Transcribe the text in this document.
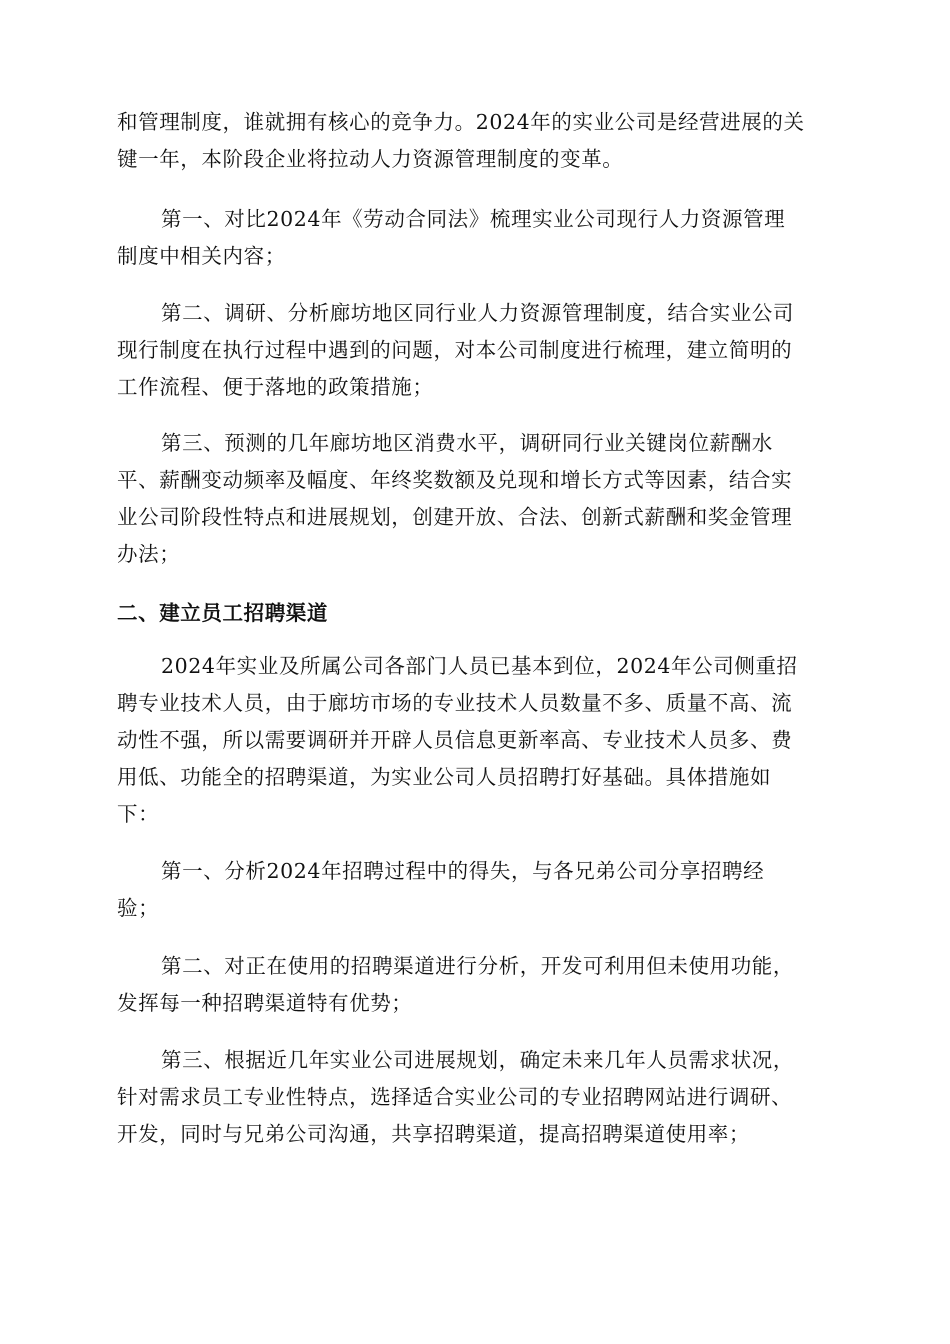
和管理制度，谁就拥有核心的竞争力。2024年的实业公司是经营进展的关
键一年，本阶段企业将拉动人力资源管理制度的变革。
第一、对比2024年《劳动合同法》梳理实业公司现行人力资源管理
制度中相关内容；
第二、调研、分析廊坊地区同行业人力资源管理制度，结合实业公司
现行制度在执行过程中遇到的问题，对本公司制度进行梳理，建立简明的
工作流程、便于落地的政策措施；
第三、预测的几年廊坊地区消费水平，调研同行业关键岗位薪酬水
平、薪酬变动频率及幅度、年终奖数额及兑现和增长方式等因素，结合实
业公司阶段性特点和进展规划，创建开放、合法、创新式薪酬和奖金管理
办法；
二、建立员工招聘渠道
2024年实业及所属公司各部门人员已基本到位，2024年公司侧重招
聘专业技术人员，由于廊坊市场的专业技术人员数量不多、质量不高、流
动性不强，所以需要调研并开辟人员信息更新率高、专业技术人员多、费
用低、功能全的招聘渠道，为实业公司人员招聘打好基础。具体措施如
下：
第一、分析2024年招聘过程中的得失，与各兄弟公司分享招聘经
验；
第二、对正在使用的招聘渠道进行分析，开发可利用但未使用功能，
发挥每一种招聘渠道特有优势；
第三、根据近几年实业公司进展规划，确定未来几年人员需求状况，
针对需求员工专业性特点，选择适合实业公司的专业招聘网站进行调研、
开发，同时与兄弟公司沟通，共享招聘渠道，提高招聘渠道使用率；
